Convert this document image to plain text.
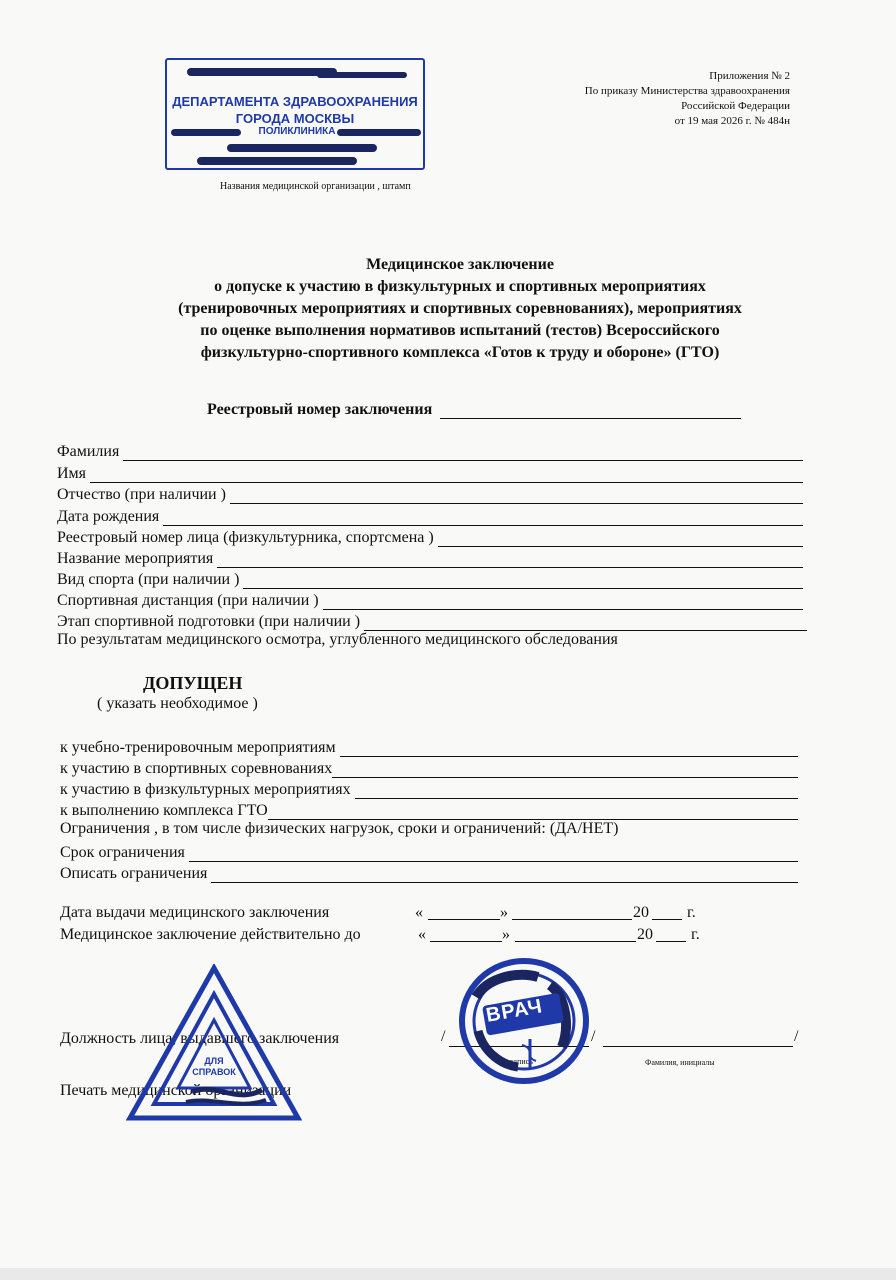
ДЕПАРТАМЕНТА ЗДРАВООХРАНЕНИЯ
ГОРОДА МОСКВЫ
ПОЛИКЛИНИКА
Названия медицинской организации , штамп
Приложения № 2
По приказу Министерства здравоохранения
Российской Федерации
от 19 мая 2026 г. № 484н
Медицинское заключение
о допуске к участию в физкультурных и спортивных мероприятиях
(тренировочных мероприятиях и спортивных соревнованиях), мероприятиях
по оценке выполнения нормативов испытаний (тестов) Всероссийского
физкультурно-спортивного комплекса «Готов к труду и обороне» (ГТО)
Реестровый номер заключения
Фамилия
Имя
Отчество (при наличии )
Дата рождения
Реестровый номер лица (физкультурника, спортсмена )
Название мероприятия
Вид спорта (при наличии )
Спортивная дистанция (при наличии )
Этап спортивной подготовки (при наличии )
По результатам медицинского осмотра, углубленного медицинского обследования
ДОПУЩЕН
( указать необходимое )
к учебно-тренировочным мероприятиям
к участию в спортивных соревнованиях
к участию в физкультурных мероприятиях
к выполнению комплекса ГТО
Ограничения , в том числе физических нагрузок, сроки и ограничений: (ДА/НЕТ)
Срок ограничения
Описать ограничения
Дата выдачи медицинского заключения	«	»	20 г.
Медицинское заключение действительно до	«	»	20 г.
Должность лица, выдавшего заключения	/	/	/
подпись	Фамилия, инициалы
Печать медицинской организации
ДЛЯ
СПРАВОК
ВРАЧ
